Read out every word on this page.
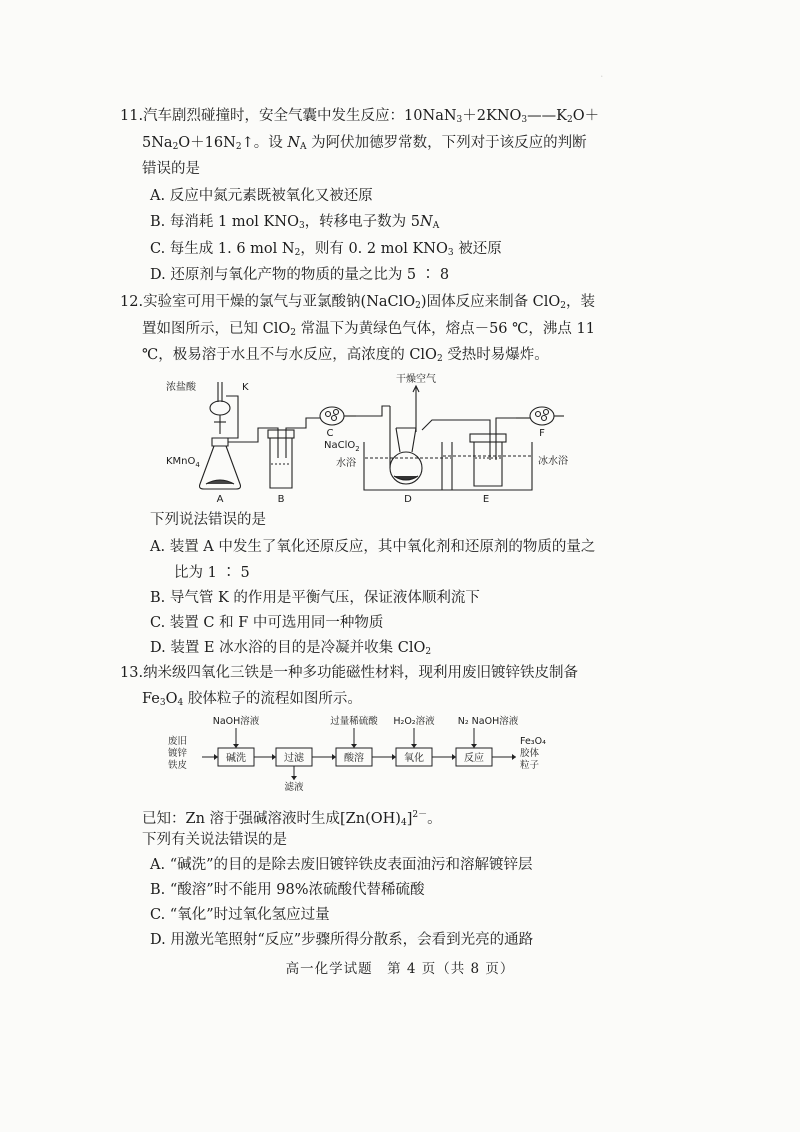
·
11.汽车剧烈碰撞时，安全气囊中发生反应：$10NaN_3+2KNO_3——K_2O+$
$5Na_2O+16N_2↑$。设 $N_A$ 为阿伏加德罗常数，下列对于该反应的判断
错误的是
A. 反应中氮元素既被氧化又被还原
B. 每消耗 1 mol $KNO_3$，转移电子数为 $5N_A$
C. 每生成 1. 6 mol $N_2$，则有 0. 2 mol $KNO_3$ 被还原
D. 还原剂与氧化产物的物质的量之比为 5 ∶ 8
12.实验室可用干燥的氯气与亚氯酸钠(NaClO$_2$)固体反应来制备 ClO$_2$，装
置如图所示，已知 ClO$_2$ 常温下为黄绿色气体，熔点－56 ℃，沸点 11
℃，极易溶于水且不与水反应，高浓度的 ClO$_2$ 受热时易爆炸。
浓盐酸	K
KMnO$_4$
A	B
C
干燥空气
NaClO$_2$
水浴
D	E
冰水浴
F
下列说法错误的是
A. 装置 A 中发生了氧化还原反应，其中氧化剂和还原剂的物质的量之
比为 1 ∶ 5
B. 导气管 K 的作用是平衡气压，保证液体顺利流下
C. 装置 C 和 F 中可选用同一种物质
D. 装置 E 冰水浴的目的是冷凝并收集 ClO$_2$
13.纳米级四氧化三铁是一种多功能磁性材料，现利用废旧镀锌铁皮制备
$Fe_3O_4$ 胶体粒子的流程如图所示。
废旧
镀锌
铁皮
NaOH溶液
碱洗	过滤
滤液
过量稀硫酸
酸溶
H₂O₂溶液
氧化
N₂ NaOH溶液
反应
Fe₃O₄
胶体
粒子
已知：Zn 溶于强碱溶液时生成$[Zn(OH)_4]^{2-}$。
下列有关说法错误的是
A. “碱洗”的目的是除去废旧镀锌铁皮表面油污和溶解镀锌层
B. “酸溶”时不能用 98%浓硫酸代替稀硫酸
C. “氧化”时过氧化氢应过量
D. 用激光笔照射“反应”步骤所得分散系，会看到光亮的通路
高一化学试题　第 4 页（共 8 页）
